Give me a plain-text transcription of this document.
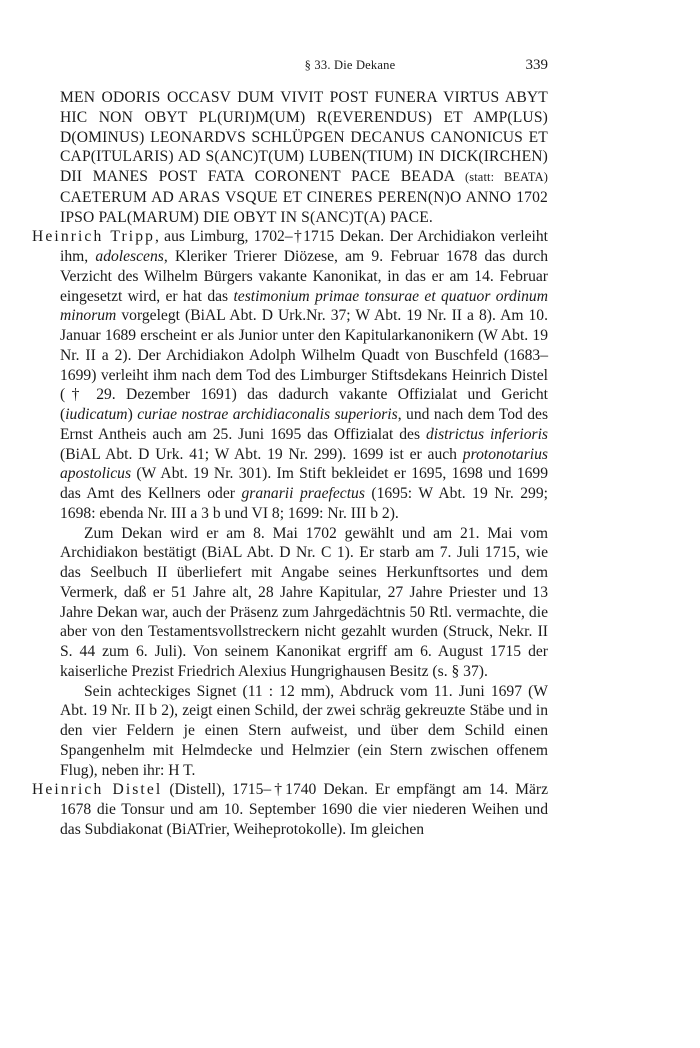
§ 33. Die Dekane	339

MEN ODORIS OCCASV DUM VIVIT POST FUNERA VIRTUS ABYT HIC NON OBYT PL(URI)M(UM) R(EVERENDUS) ET AMP(LUS) D(OMINUS) LEONARDVS SCHLÜPGEN DECANUS CANONICUS ET CAP(ITULARIS) AD S(ANC)T(UM) LUBEN(TIUM) IN DICK(IRCHEN) DII MANES POST FATA CORONENT PACE BEADA (statt: BEATA) CAETERUM AD ARAS VSQUE ET CINERES PEREN(N)O ANNO 1702 IPSO PAL(MARUM) DIE OBYT IN S(ANC)T(A) PACE.

Heinrich Tripp, aus Limburg, 1702–†1715 Dekan. Der Archidiakon verleiht ihm, adolescens, Kleriker Trierer Diözese, am 9. Februar 1678 das durch Verzicht des Wilhelm Bürgers vakante Kanonikat, in das er am 14. Februar eingesetzt wird, er hat das testimonium primae tonsurae et quatuor ordinum minorum vorgelegt (BiAL Abt. D Urk.Nr. 37; W Abt. 19 Nr. II a 8). Am 10. Januar 1689 erscheint er als Junior unter den Kapitularkanonikern (W Abt. 19 Nr. II a 2). Der Archidiakon Adolph Wilhelm Quadt von Buschfeld (1683–1699) verleiht ihm nach dem Tod des Limburger Stiftsdekans Heinrich Distel († 29. Dezember 1691) das dadurch vakante Offizialat und Gericht (iudicatum) curiae nostrae archidiaconalis superioris, und nach dem Tod des Ernst Antheis auch am 25. Juni 1695 das Offizialat des districtus inferioris (BiAL Abt. D Urk. 41; W Abt. 19 Nr. 299). 1699 ist er auch protonotarius apostolicus (W Abt. 19 Nr. 301). Im Stift bekleidet er 1695, 1698 und 1699 das Amt des Kellners oder granarii praefectus (1695: W Abt. 19 Nr. 299; 1698: ebenda Nr. III a 3 b und VI 8; 1699: Nr. III b 2).

Zum Dekan wird er am 8. Mai 1702 gewählt und am 21. Mai vom Archidiakon bestätigt (BiAL Abt. D Nr. C 1). Er starb am 7. Juli 1715, wie das Seelbuch II überliefert mit Angabe seines Herkunftsortes und dem Vermerk, daß er 51 Jahre alt, 28 Jahre Kapitular, 27 Jahre Priester und 13 Jahre Dekan war, auch der Präsenz zum Jahrgedächtnis 50 Rtl. vermachte, die aber von den Testamentsvollstreckern nicht gezahlt wurden (Struck, Nekr. II S. 44 zum 6. Juli). Von seinem Kanonikat ergriff am 6. August 1715 der kaiserliche Prezist Friedrich Alexius Hungrighausen Besitz (s. § 37).

Sein achteckiges Signet (11 : 12 mm), Abdruck vom 11. Juni 1697 (W Abt. 19 Nr. II b 2), zeigt einen Schild, der zwei schräg gekreuzte Stäbe und in den vier Feldern je einen Stern aufweist, und über dem Schild einen Spangenhelm mit Helmdecke und Helmzier (ein Stern zwischen offenem Flug), neben ihr: H T.

Heinrich Distel (Distell), 1715–†1740 Dekan. Er empfängt am 14. März 1678 die Tonsur und am 10. September 1690 die vier niederen Weihen und das Subdiakonat (BiATrier, Weiheprotokolle). Im gleichen
